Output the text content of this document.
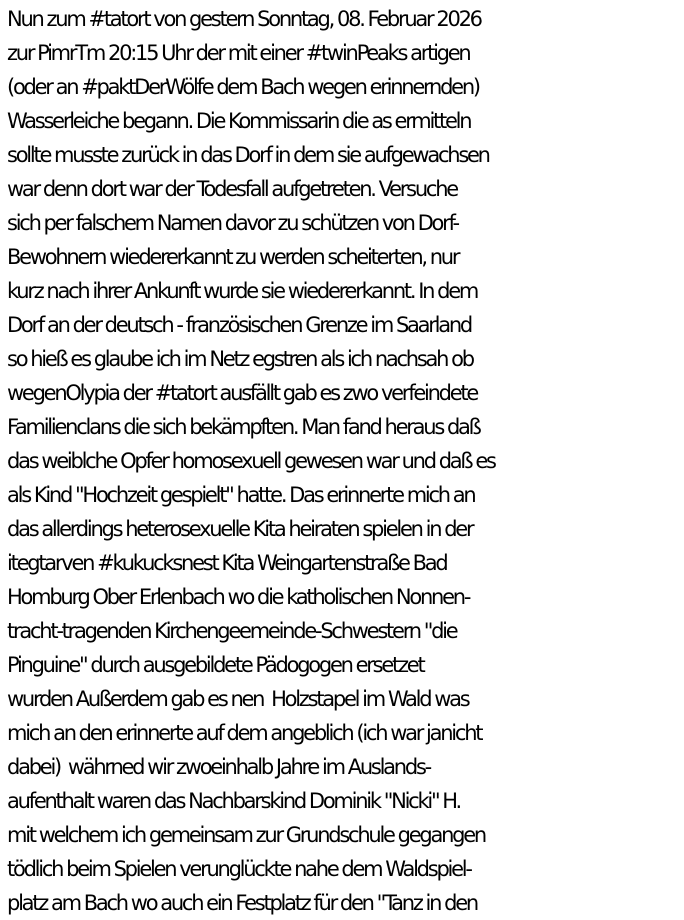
Nun zum #tatort von gestern Sonntag, 08. Februar 2026
zur PimrTm 20:15 Uhr der mit einer #twinPeaks artigen
(oder an #paktDerWölfe dem Bach wegen erinnernden)
Wasserleiche begann. Die Kommissarin die as ermitteln
sollte musste zurück in das Dorf in dem sie aufgewachsen
war denn dort war der Todesfall aufgetreten. Versuche
sich per falschem Namen davor zu schützen von Dorf-
Bewohnern wiedererkannt zu werden scheiterten, nur
kurz nach ihrer Ankunft wurde sie wiedererkannt. In dem
Dorf an der deutsch - französischen Grenze im Saarland
so hieß es glaube ich im Netz egstren als ich nachsah ob
wegenOlypia der #tatort ausfällt gab es zwo verfeindete
Familienclans die sich bekämpften. Man fand heraus daß
das weiblche Opfer homosexuell gewesen war und daß es
als Kind "Hochzeit gespielt" hatte. Das erinnerte mich an
das allerdings heterosexuelle Kita heiraten spielen in der
itegtarven #kukucksnest Kita Weingartenstraße Bad
Homburg Ober Erlenbach wo die katholischen Nonnen-
tracht-tragenden Kirchengeemeinde-Schwestern "die
Pinguine" durch ausgebildete Pädogogen ersetzet
wurden Außerdem gab es nen  Holzstapel im Wald was
mich an den erinnerte auf dem angeblich (ich war janicht
dabei)  währned wir zwoeinhalb Jahre im Auslands-
aufenthalt waren das Nachbarskind Dominik "Nicki" H.
mit welchem ich gemeinsam zur Grundschule gegangen
tödlich beim Spielen verunglückte nahe dem Waldspiel-
platz am Bach wo auch ein Festplatz für den "Tanz in den
